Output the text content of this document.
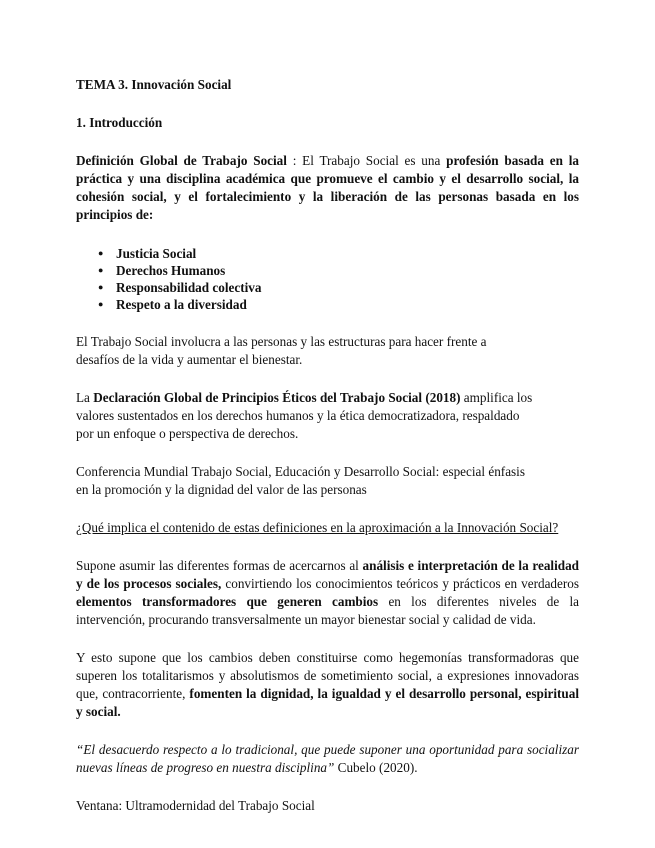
TEMA 3. Innovación Social

1. Introducción

Definición Global de Trabajo Social : El Trabajo Social es una profesión basada en la práctica y una disciplina académica que promueve el cambio y el desarrollo social, la cohesión social, y el fortalecimiento y la liberación de las personas basada en los principios de:

● Justicia Social
● Derechos Humanos
● Responsabilidad colectiva
● Respeto a la diversidad

El Trabajo Social involucra a las personas y las estructuras para hacer frente a
desafíos de la vida y aumentar el bienestar.

La Declaración Global de Principios Éticos del Trabajo Social (2018) amplifica los
valores sustentados en los derechos humanos y la ética democratizadora, respaldado
por un enfoque o perspectiva de derechos.

Conferencia Mundial Trabajo Social, Educación y Desarrollo Social: especial énfasis
en la promoción y la dignidad del valor de las personas

¿Qué implica el contenido de estas definiciones en la aproximación a la Innovación Social?

Supone asumir las diferentes formas de acercarnos al análisis e interpretación de la realidad y de los procesos sociales, convirtiendo los conocimientos teóricos y prácticos en verdaderos elementos transformadores que generen cambios en los diferentes niveles de la intervención, procurando transversalmente un mayor bienestar social y calidad de vida.

Y esto supone que los cambios deben constituirse como hegemonías transformadoras que superen los totalitarismos y absolutismos de sometimiento social, a expresiones innovadoras que, contracorriente, fomenten la dignidad, la igualdad y el desarrollo personal, espiritual y social.

“El desacuerdo respecto a lo tradicional, que puede suponer una oportunidad para socializar nuevas líneas de progreso en nuestra disciplina” Cubelo (2020).

Ventana: Ultramodernidad del Trabajo Social
